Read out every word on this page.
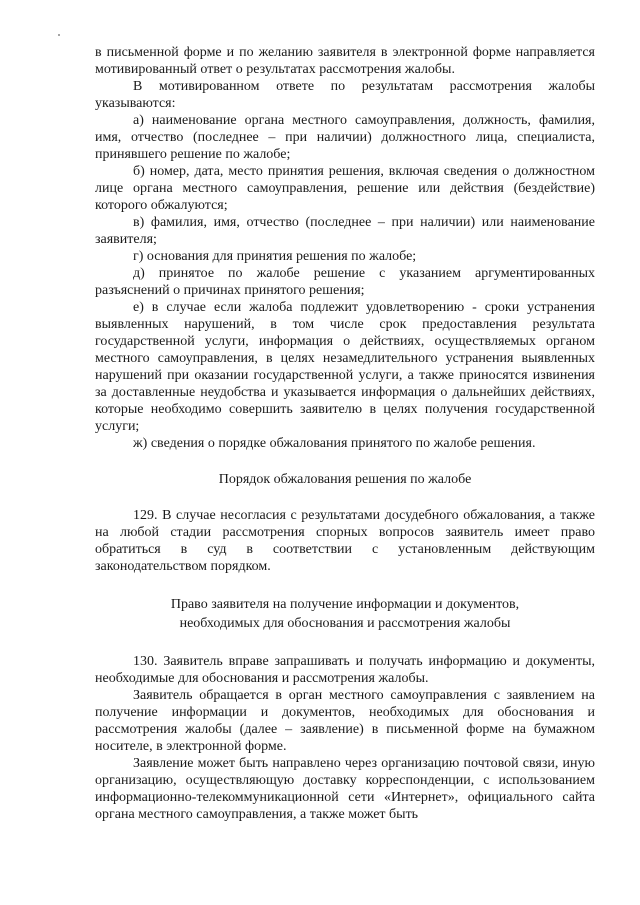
в письменной форме и по желанию заявителя в электронной форме направляется мотивированный ответ о результатах рассмотрения жалобы.

В мотивированном ответе по результатам рассмотрения жалобы указываются:

а) наименование органа местного самоуправления, должность, фамилия, имя, отчество (последнее – при наличии) должностного лица, специалиста, принявшего решение по жалобе;

б) номер, дата, место принятия решения, включая сведения о должностном лице органа местного самоуправления, решение или действия (бездействие) которого обжалуются;

в) фамилия, имя, отчество (последнее – при наличии) или наименование заявителя;

г) основания для принятия решения по жалобе;

д) принятое по жалобе решение с указанием аргументированных разъяснений о причинах принятого решения;

е) в случае если жалоба подлежит удовлетворению - сроки устранения выявленных нарушений, в том числе срок предоставления результата государственной услуги, информация о действиях, осуществляемых органом местного самоуправления, в целях незамедлительного устранения выявленных нарушений при оказании государственной услуги, а также приносятся извинения за доставленные неудобства и указывается информация о дальнейших действиях, которые необходимо совершить заявителю в целях получения государственной услуги;

ж) сведения о порядке обжалования принятого по жалобе решения.

Порядок обжалования решения по жалобе

129. В случае несогласия с результатами досудебного обжалования, а также на любой стадии рассмотрения спорных вопросов заявитель имеет право обратиться в суд в соответствии с установленным действующим законодательством порядком.

Право заявителя на получение информации и документов,

необходимых для обоснования и рассмотрения жалобы

130. Заявитель вправе запрашивать и получать информацию и документы, необходимые для обоснования и рассмотрения жалобы.

Заявитель обращается в орган местного самоуправления с заявлением на получение информации и документов, необходимых для обоснования и рассмотрения жалобы (далее – заявление) в письменной форме на бумажном носителе, в электронной форме.

Заявление может быть направлено через организацию почтовой связи, иную организацию, осуществляющую доставку корреспонденции, с использованием информационно-телекоммуникационной сети «Интернет», официального сайта органа местного самоуправления, а также может быть
